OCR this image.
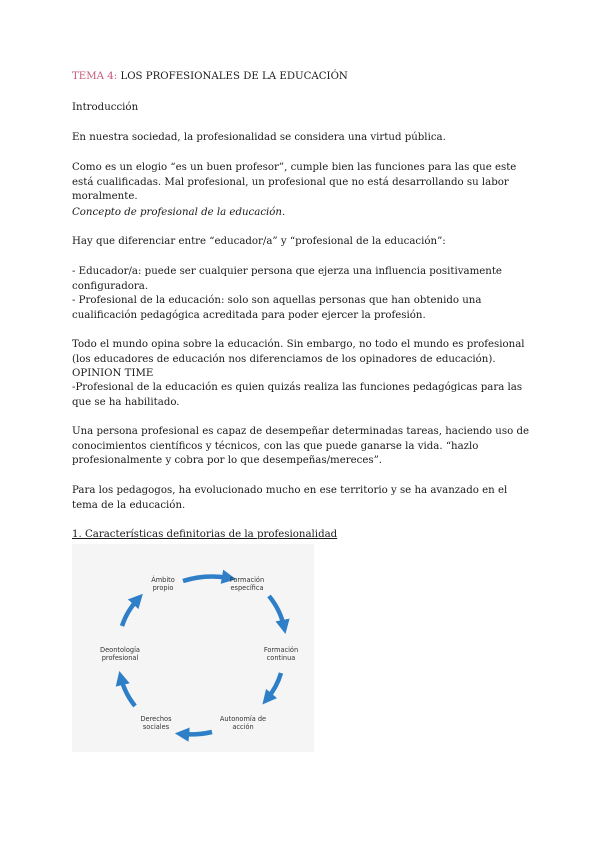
TEMA 4: LOS PROFESIONALES DE LA EDUCACIÓN

Introducción

En nuestra sociedad, la profesionalidad se considera una virtud pública.

Como es un elogio “es un buen profesor”, cumple bien las funciones para las que este está cualificadas. Mal profesional, un profesional que no está desarrollando su labor moralmente.

Concepto de profesional de la educación.

Hay que diferenciar entre “educador/a” y “profesional de la educación”:

- Educador/a: puede ser cualquier persona que ejerza una influencia positivamente configuradora.

- Profesional de la educación: solo son aquellas personas que han obtenido una cualificación pedagógica acreditada para poder ejercer la profesión.

Todo el mundo opina sobre la educación. Sin embargo, no todo el mundo es profesional (los educadores de educación nos diferenciamos de los opinadores de educación). OPINION TIME

-Profesional de la educación es quien quizás realiza las funciones pedagógicas para las que se ha habilitado.

Una persona profesional es capaz de desempeñar determinadas tareas, haciendo uso de conocimientos científicos y técnicos, con las que puede ganarse la vida. “hazlo profesionalmente y cobra por lo que desempeñas/mereces”.

Para los pedagogos, ha evolucionado mucho en ese territorio y se ha avanzado en el tema de la educación.

1. Características definitorias de la profesionalidad

Ámbito
propio
Formación
específica
Formación
continua
Autonomía de
acción
Derechos
sociales
Deontología
profesional
